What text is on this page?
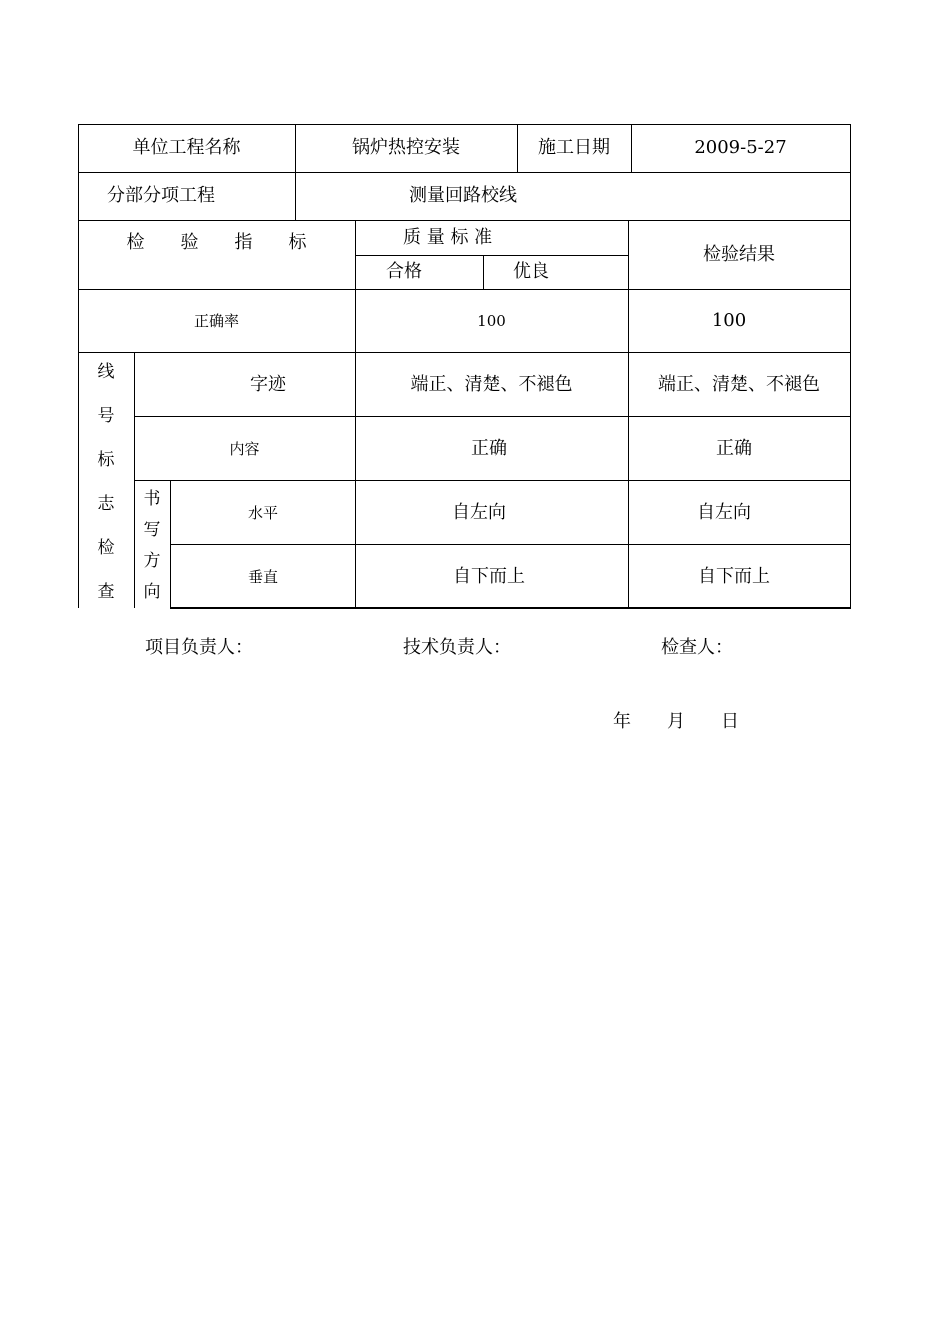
单位工程名称	锅炉热控安装	施工日期	2009-5-27
分部分项工程	测量回路校线
检　　验　　指　　标	质 量 标 准
合格	优良
检验结果
正确率	100	100
线
号
标
志
检
查
字迹	端正、清楚、不褪色	端正、清楚、不褪色
内容	正确	正确
书
写
方
向
水平	自左向	自左向
垂直	自下而上	自下而上
项目负责人：	技术负责人：	检查人：
年　　月　　日
